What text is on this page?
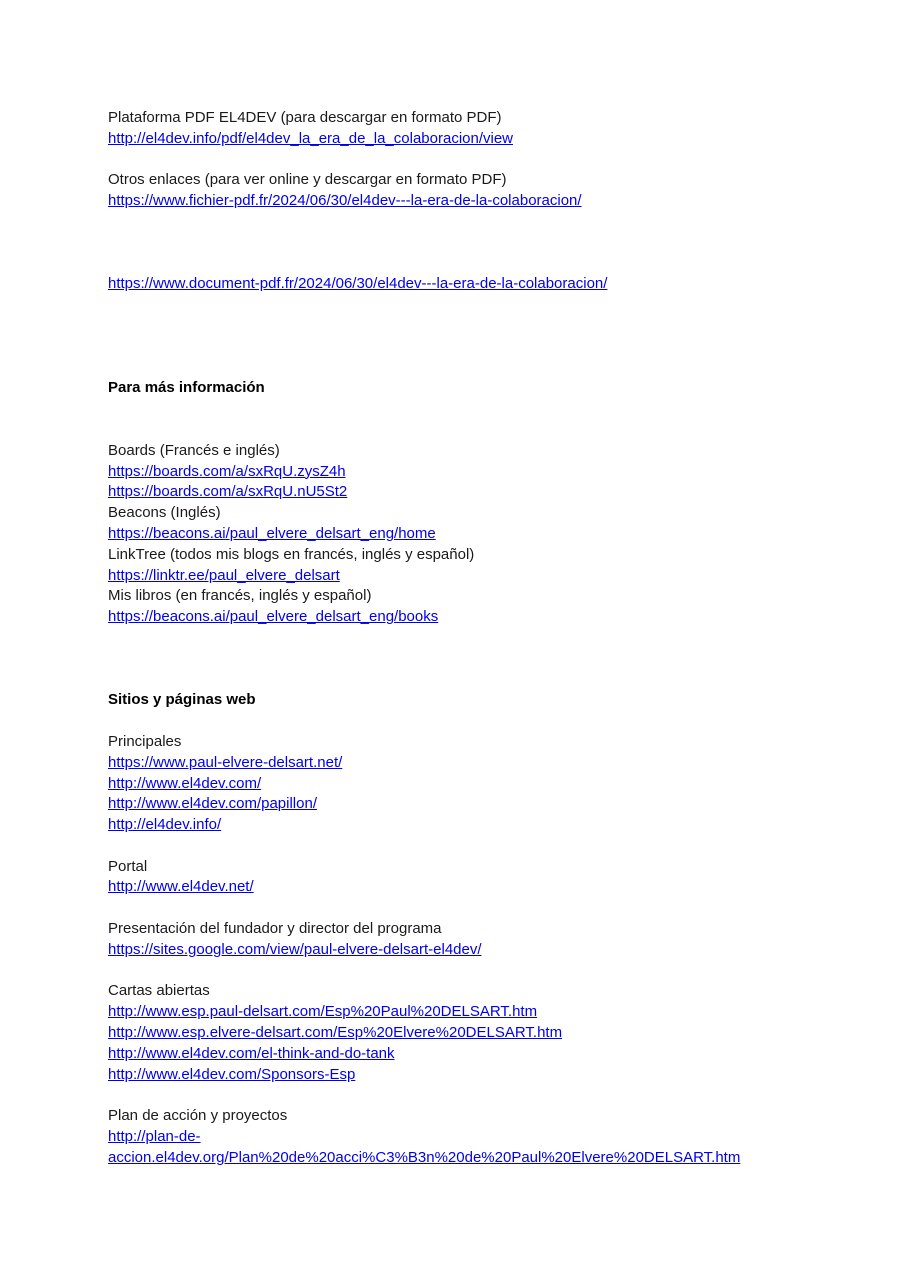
Plataforma PDF EL4DEV (para descargar en formato PDF)
http://el4dev.info/pdf/el4dev_la_era_de_la_colaboracion/view
Otros enlaces (para ver online y descargar en formato PDF)
https://www.fichier-pdf.fr/2024/06/30/el4dev---la-era-de-la-colaboracion/
https://www.document-pdf.fr/2024/06/30/el4dev---la-era-de-la-colaboracion/
Para más información
Boards (Francés e inglés)
https://boards.com/a/sxRqU.zysZ4h
https://boards.com/a/sxRqU.nU5St2
Beacons (Inglés)
https://beacons.ai/paul_elvere_delsart_eng/home
LinkTree (todos mis blogs en francés, inglés y español)
https://linktr.ee/paul_elvere_delsart
Mis libros (en francés, inglés y español)
https://beacons.ai/paul_elvere_delsart_eng/books
Sitios y páginas web
Principales
https://www.paul-elvere-delsart.net/
http://www.el4dev.com/
http://www.el4dev.com/papillon/
http://el4dev.info/
Portal
http://www.el4dev.net/
Presentación del fundador y director del programa
https://sites.google.com/view/paul-elvere-delsart-el4dev/
Cartas abiertas
http://www.esp.paul-delsart.com/Esp%20Paul%20DELSART.htm
http://www.esp.elvere-delsart.com/Esp%20Elvere%20DELSART.htm
http://www.el4dev.com/el-think-and-do-tank
http://www.el4dev.com/Sponsors-Esp
Plan de acción y proyectos
http://plan-de-
accion.el4dev.org/Plan%20de%20acci%C3%B3n%20de%20Paul%20Elvere%20DELSART.htm
